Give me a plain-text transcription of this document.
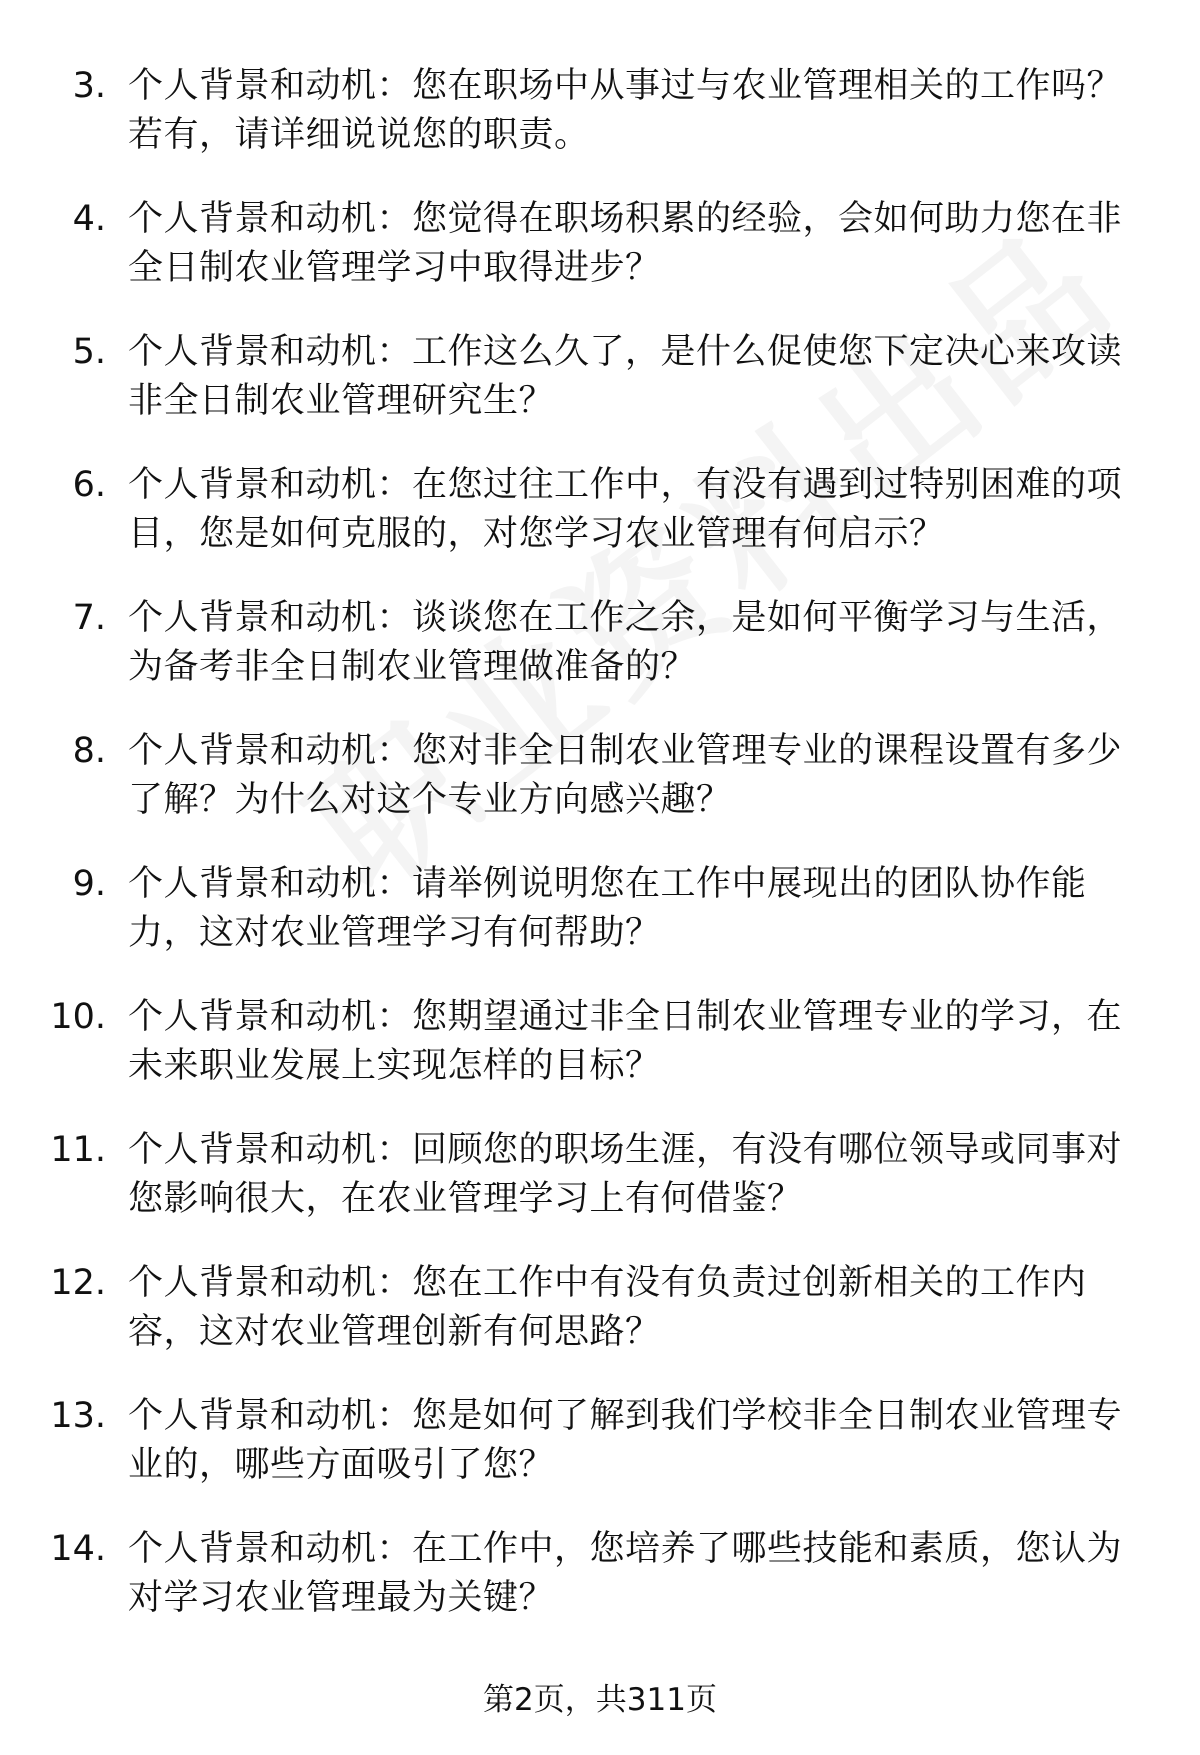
3. 个人背景和动机：您在职场中从事过与农业管理相关的工作吗？若有，请详细说说您的职责。
4. 个人背景和动机：您觉得在职场积累的经验，会如何助力您在非全日制农业管理学习中取得进步？
5. 个人背景和动机：工作这么久了，是什么促使您下定决心来攻读非全日制农业管理研究生？
6. 个人背景和动机：在您过往工作中，有没有遇到过特别困难的项目，您是如何克服的，对您学习农业管理有何启示？
7. 个人背景和动机：谈谈您在工作之余，是如何平衡学习与生活，为备考非全日制农业管理做准备的？
8. 个人背景和动机：您对非全日制农业管理专业的课程设置有多少了解？为什么对这个专业方向感兴趣？
9. 个人背景和动机：请举例说明您在工作中展现出的团队协作能力，这对农业管理学习有何帮助？
10. 个人背景和动机：您期望通过非全日制农业管理专业的学习，在未来职业发展上实现怎样的目标？
11. 个人背景和动机：回顾您的职场生涯，有没有哪位领导或同事对您影响很大，在农业管理学习上有何借鉴？
12. 个人背景和动机：您在工作中有没有负责过创新相关的工作内容，这对农业管理创新有何思路？
13. 个人背景和动机：您是如何了解到我们学校非全日制农业管理专业的，哪些方面吸引了您？
14. 个人背景和动机：在工作中，您培养了哪些技能和素质，您认为对学习农业管理最为关键？
第2页，共311页
